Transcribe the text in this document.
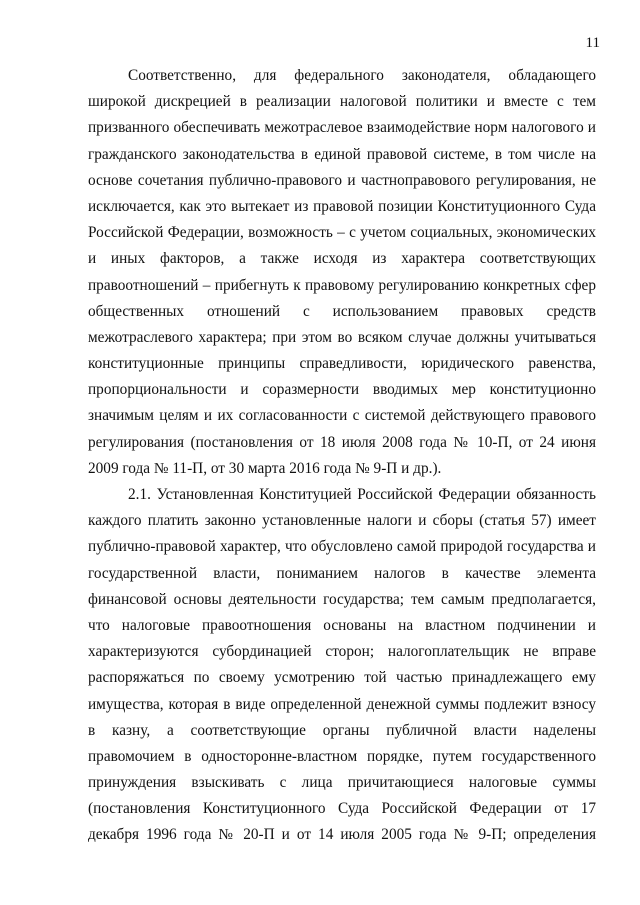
11
Соответственно, для федерального законодателя, обладающего
широкой дискрецией в реализации налоговой политики и вместе с тем
призванного обеспечивать межотраслевое взаимодействие норм налогового и
гражданского законодательства в единой правовой системе, в том числе на
основе сочетания публично-правового и частноправового регулирования, не
исключается, как это вытекает из правовой позиции Конституционного Суда
Российской Федерации, возможность – с учетом социальных, экономических
и иных факторов, а также исходя из характера соответствующих
правоотношений – прибегнуть к правовому регулированию конкретных сфер
общественных отношений с использованием правовых средств
межотраслевого характера; при этом во всяком случае должны учитываться
конституционные принципы справедливости, юридического равенства,
пропорциональности и соразмерности вводимых мер конституционно
значимым целям и их согласованности с системой действующего правового
регулирования (постановления от 18 июля 2008 года № 10-П, от 24 июня
2009 года № 11-П, от 30 марта 2016 года № 9-П и др.).
2.1. Установленная Конституцией Российской Федерации обязанность
каждого платить законно установленные налоги и сборы (статья 57) имеет
публично-правовой характер, что обусловлено самой природой государства и
государственной власти, пониманием налогов в качестве элемента
финансовой основы деятельности государства; тем самым предполагается,
что налоговые правоотношения основаны на властном подчинении и
характеризуются субординацией сторон; налогоплательщик не вправе
распоряжаться по своему усмотрению той частью принадлежащего ему
имущества, которая в виде определенной денежной суммы подлежит взносу
в казну, а соответствующие органы публичной власти наделены
правомочием в одностороннe-властном порядке, путем государственного
принуждения взыскивать с лица причитающиеся налоговые суммы
(постановления Конституционного Суда Российской Федерации от 17
декабря 1996 года № 20-П и от 14 июля 2005 года № 9-П; определения
